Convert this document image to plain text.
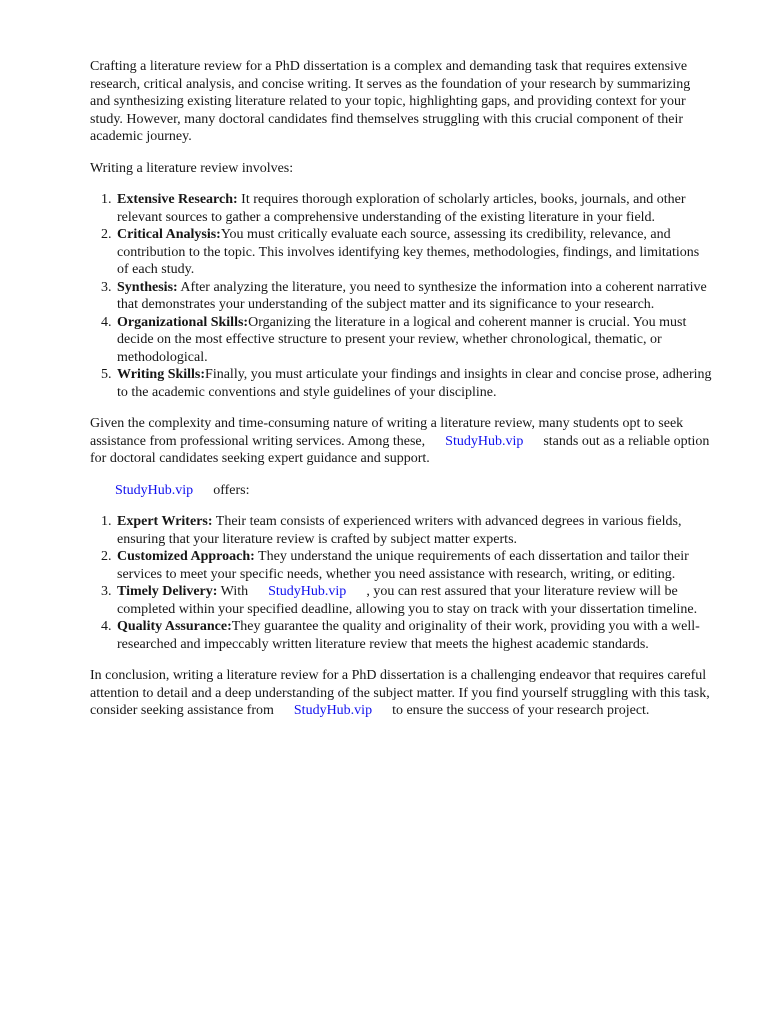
Crafting a literature review for a PhD dissertation is a complex and demanding task that requires extensive research, critical analysis, and concise writing. It serves as the foundation of your research by summarizing and synthesizing existing literature related to your topic, highlighting gaps, and providing context for your study. However, many doctoral candidates find themselves struggling with this crucial component of their academic journey.

Writing a literature review involves:

1. Extensive Research: It requires thorough exploration of scholarly articles, books, journals, and other relevant sources to gather a comprehensive understanding of the existing literature in your field.
2. Critical Analysis:You must critically evaluate each source, assessing its credibility, relevance, and contribution to the topic. This involves identifying key themes, methodologies, findings, and limitations of each study.
3. Synthesis: After analyzing the literature, you need to synthesize the information into a coherent narrative that demonstrates your understanding of the subject matter and its significance to your research.
4. Organizational Skills:Organizing the literature in a logical and coherent manner is crucial. You must decide on the most effective structure to present your review, whether chronological, thematic, or methodological.
5. Writing Skills:Finally, you must articulate your findings and insights in clear and concise prose, adhering to the academic conventions and style guidelines of your discipline.

Given the complexity and time-consuming nature of writing a literature review, many students opt to seek assistance from professional writing services. Among these, StudyHub.vip stands out as a reliable option for doctoral candidates seeking expert guidance and support.

StudyHub.vip offers:

1. Expert Writers: Their team consists of experienced writers with advanced degrees in various fields, ensuring that your literature review is crafted by subject matter experts.
2. Customized Approach: They understand the unique requirements of each dissertation and tailor their services to meet your specific needs, whether you need assistance with research, writing, or editing.
3. Timely Delivery: With StudyHub.vip , you can rest assured that your literature review will be completed within your specified deadline, allowing you to stay on track with your dissertation timeline.
4. Quality Assurance:They guarantee the quality and originality of their work, providing you with a well-researched and impeccably written literature review that meets the highest academic standards.

In conclusion, writing a literature review for a PhD dissertation is a challenging endeavor that requires careful attention to detail and a deep understanding of the subject matter. If you find yourself struggling with this task, consider seeking assistance from StudyHub.vip to ensure the success of your research project.
